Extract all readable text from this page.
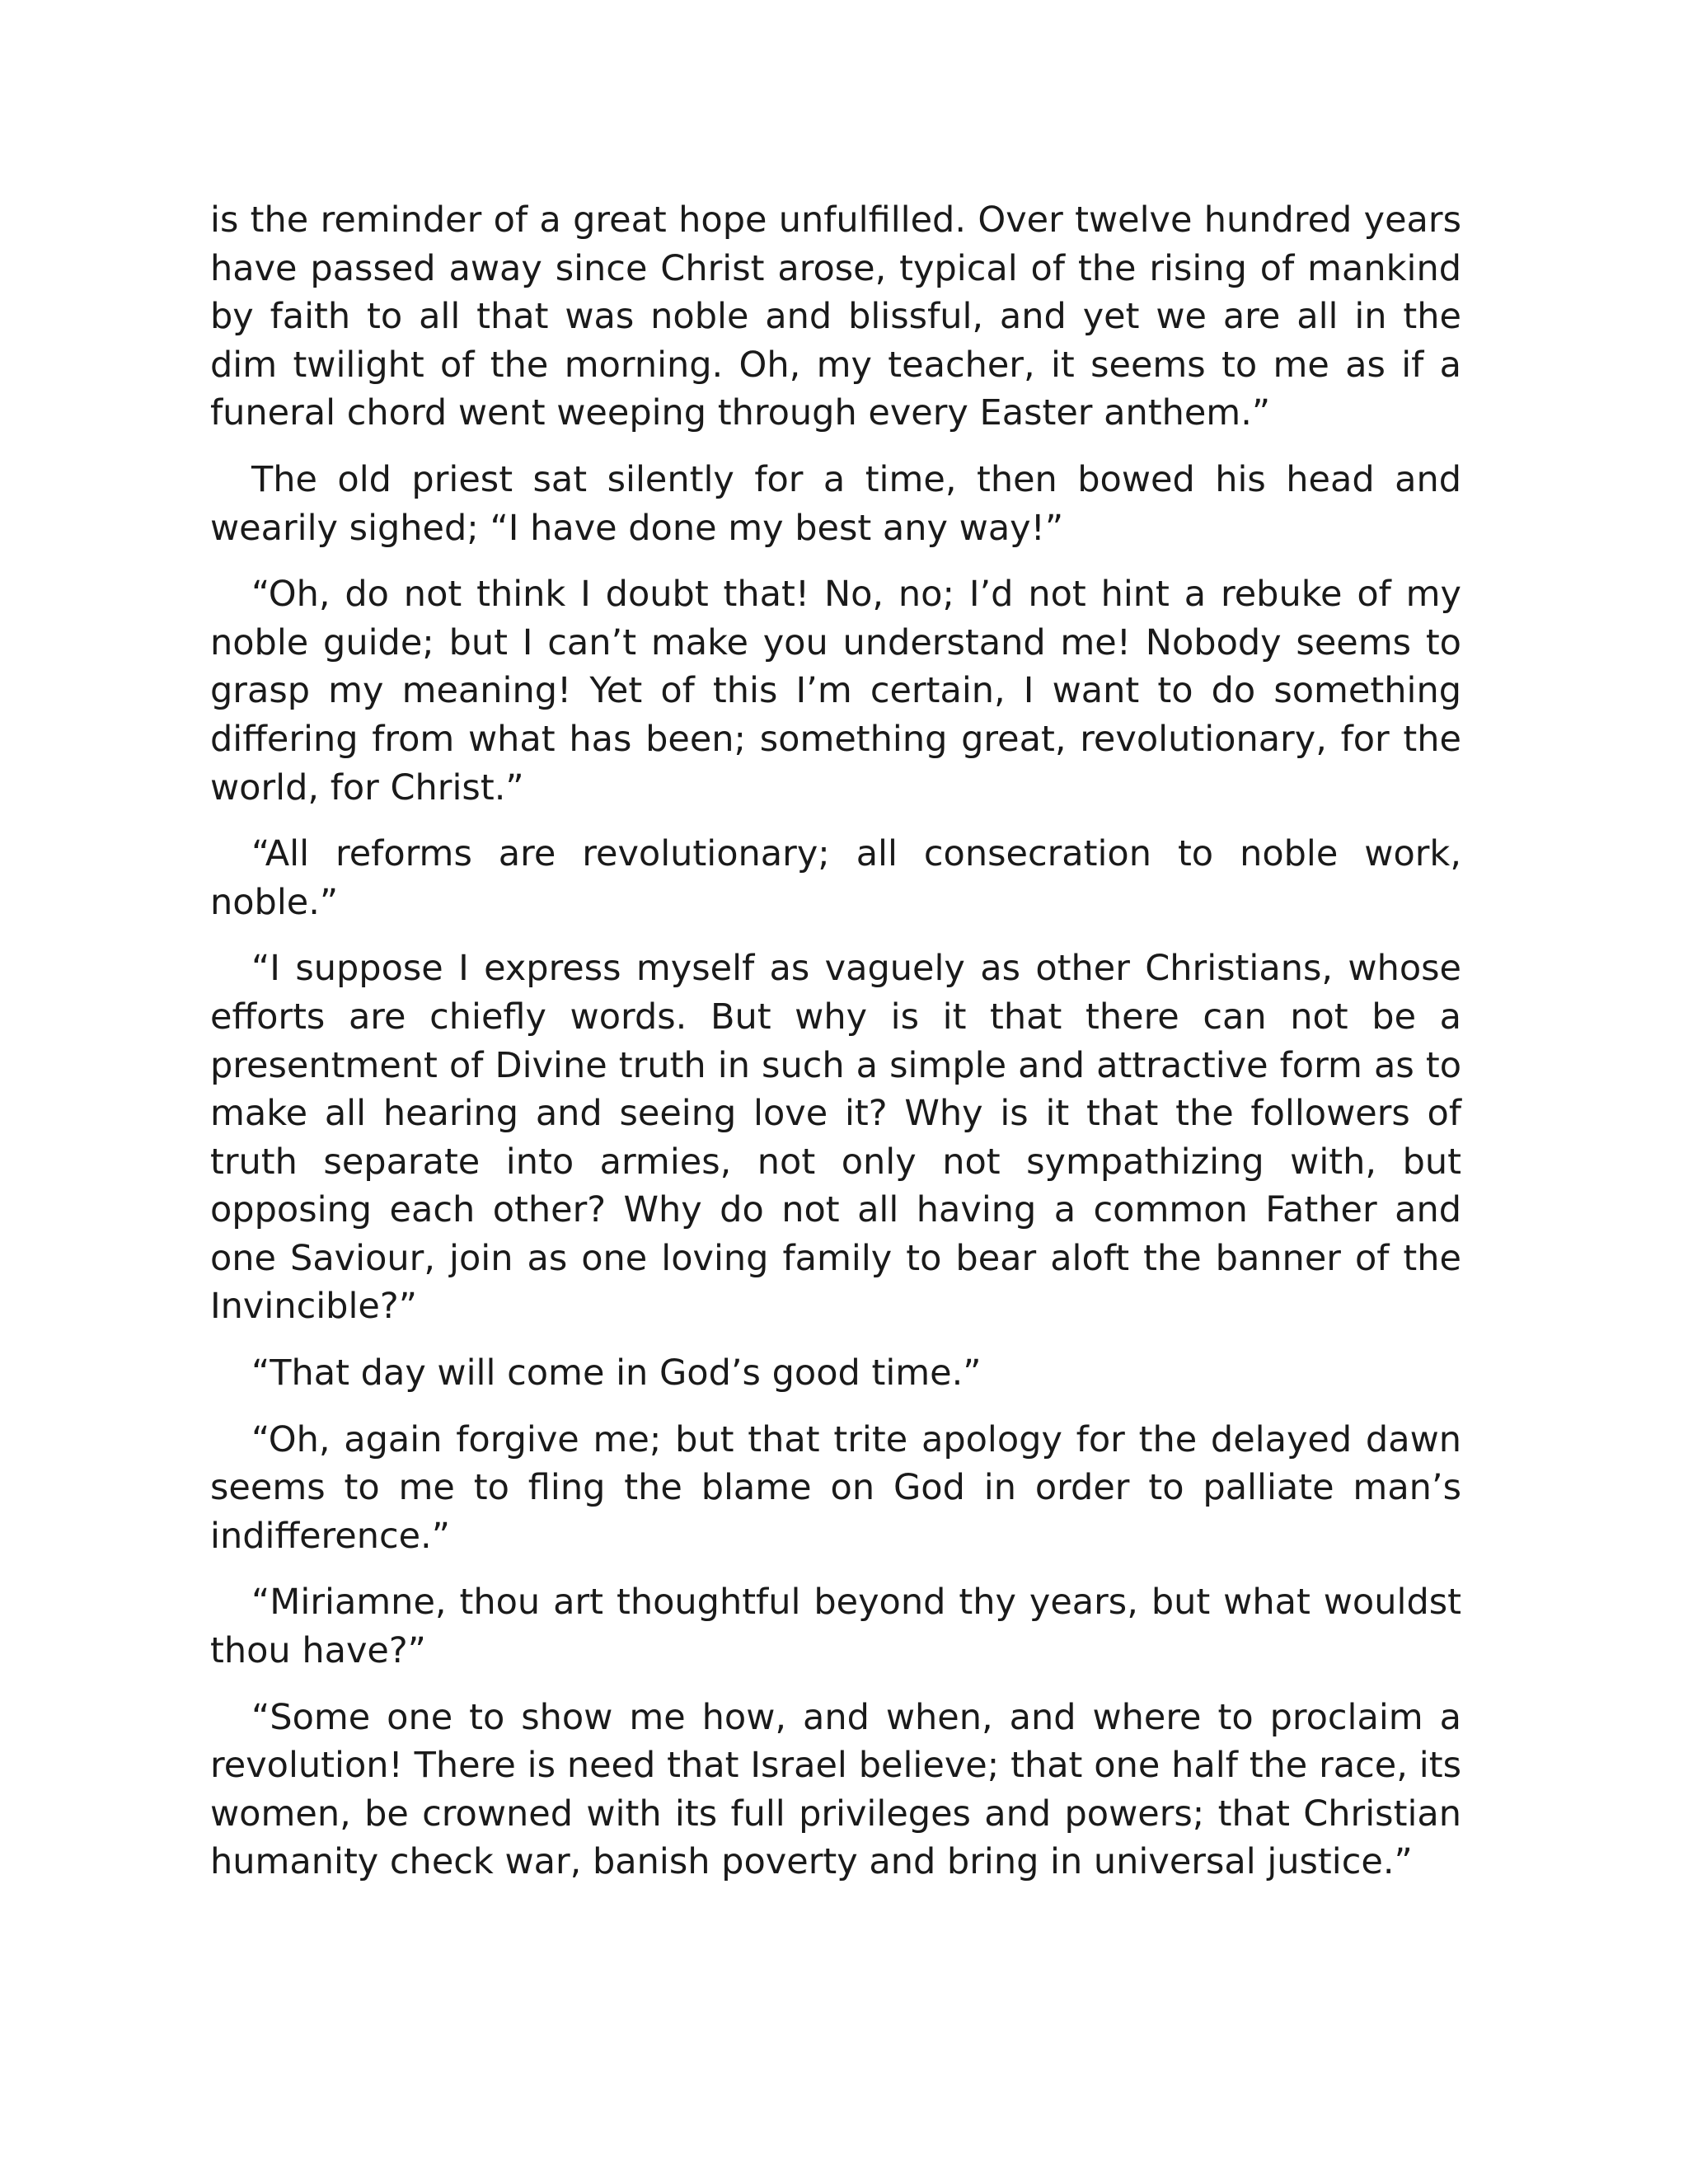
is the reminder of a great hope unfulfilled. Over twelve hundred years have passed away since Christ arose, typical of the rising of mankind by faith to all that was noble and blissful, and yet we are all in the dim twilight of the morning. Oh, my teacher, it seems to me as if a funeral chord went weeping through every Easter anthem.”

The old priest sat silently for a time, then bowed his head and wearily sighed; “I have done my best any way!”

“Oh, do not think I doubt that! No, no; I’d not hint a rebuke of my noble guide; but I can’t make you understand me! Nobody seems to grasp my meaning! Yet of this I’m certain, I want to do something differing from what has been; something great, revolutionary, for the world, for Christ.”

“All reforms are revolutionary; all consecration to noble work, noble.”

“I suppose I express myself as vaguely as other Christians, whose efforts are chiefly words. But why is it that there can not be a presentment of Divine truth in such a simple and attractive form as to make all hearing and seeing love it? Why is it that the followers of truth separate into armies, not only not sympathizing with, but opposing each other? Why do not all having a common Father and one Saviour, join as one loving family to bear aloft the banner of the Invincible?”

“That day will come in God’s good time.”

“Oh, again forgive me; but that trite apology for the delayed dawn seems to me to fling the blame on God in order to palliate man’s indifference.”

“Miriamne, thou art thoughtful beyond thy years, but what wouldst thou have?”

“Some one to show me how, and when, and where to proclaim a revolution! There is need that Israel believe; that one half the race, its women, be crowned with its full privileges and powers; that Christian humanity check war, banish poverty and bring in universal justice.”
